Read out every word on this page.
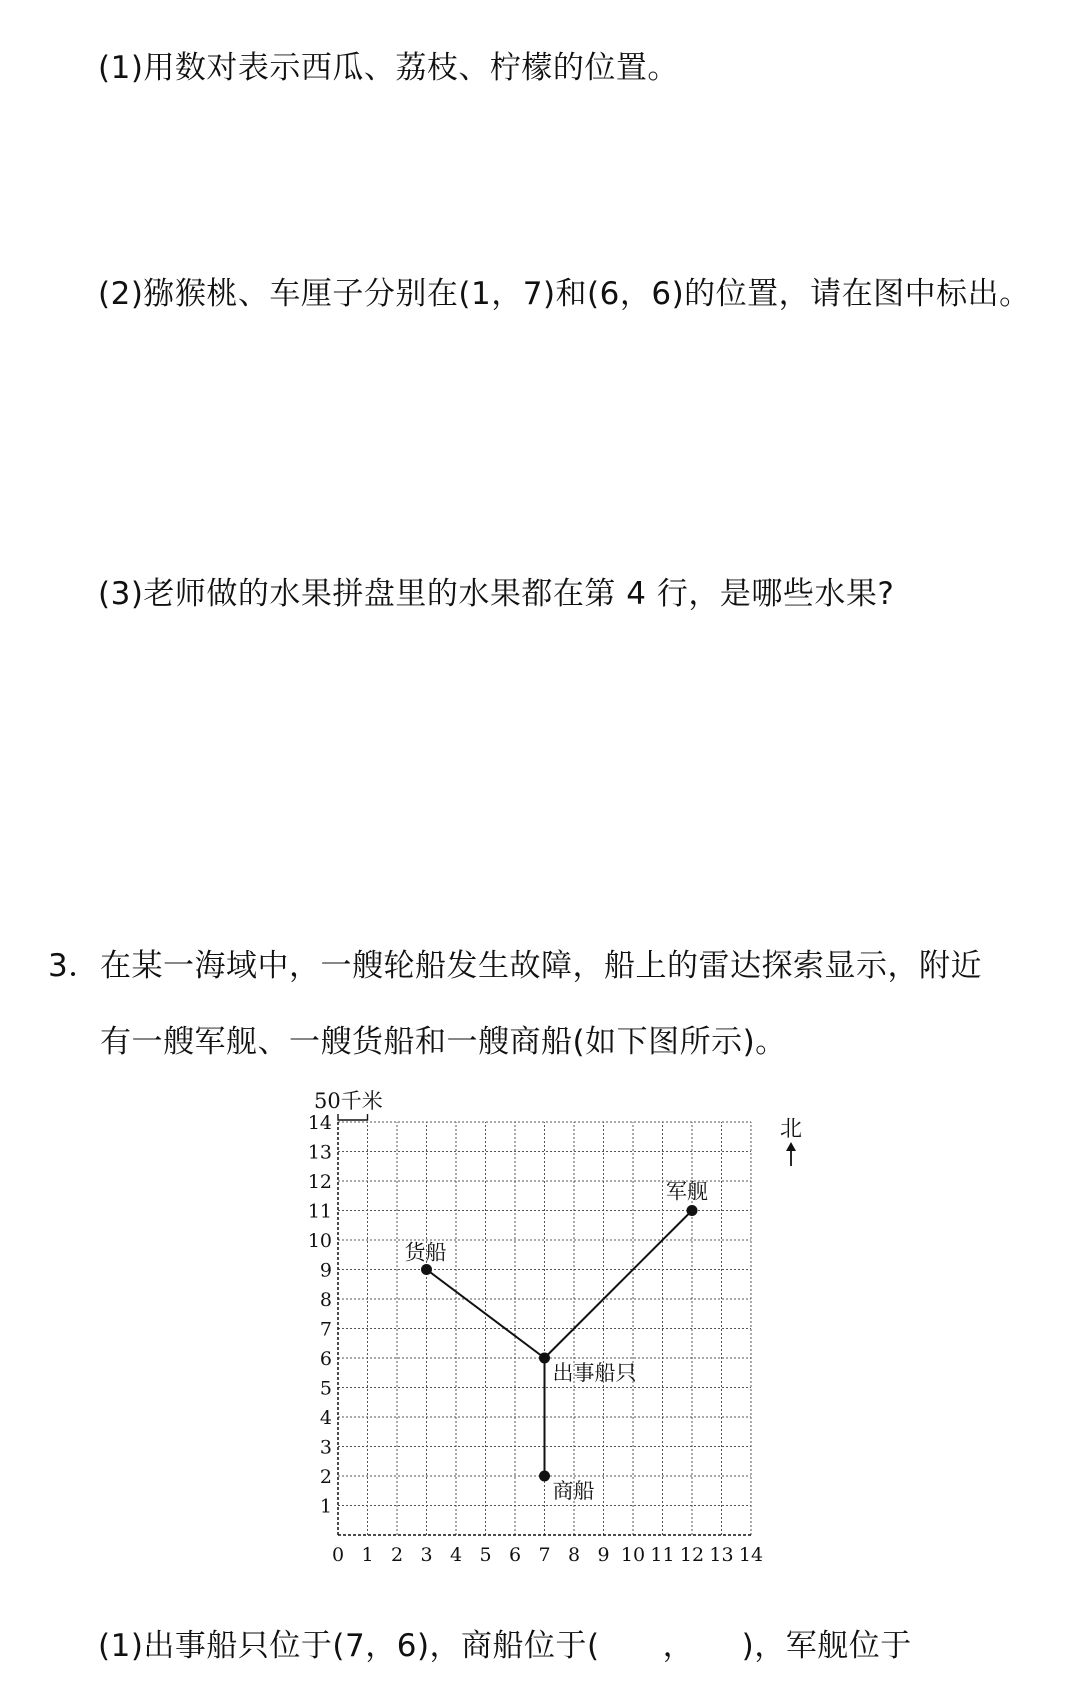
(1)用数对表示西瓜、荔枝、柠檬的位置。
(2)猕猴桃、车厘子分别在(1，7)和(6，6)的位置，请在图中标出。
(3)老师做的水果拼盘里的水果都在第 4 行，是哪些水果?
3． 在某一海域中，一艘轮船发生故障，船上的雷达探索显示，附近
有一艘军舰、一艘货船和一艘商船(如下图所示)。
0 1 2 3 4 5 6 7 8 9 10 11 12 13 14
1
2
3
4
5
6
7
8
9
10
11
12
13
14
50千米
北
货船
军舰
出事船只
商船
(1)出事船只位于(7，6)，商船位于(　　，　　)，军舰位于
